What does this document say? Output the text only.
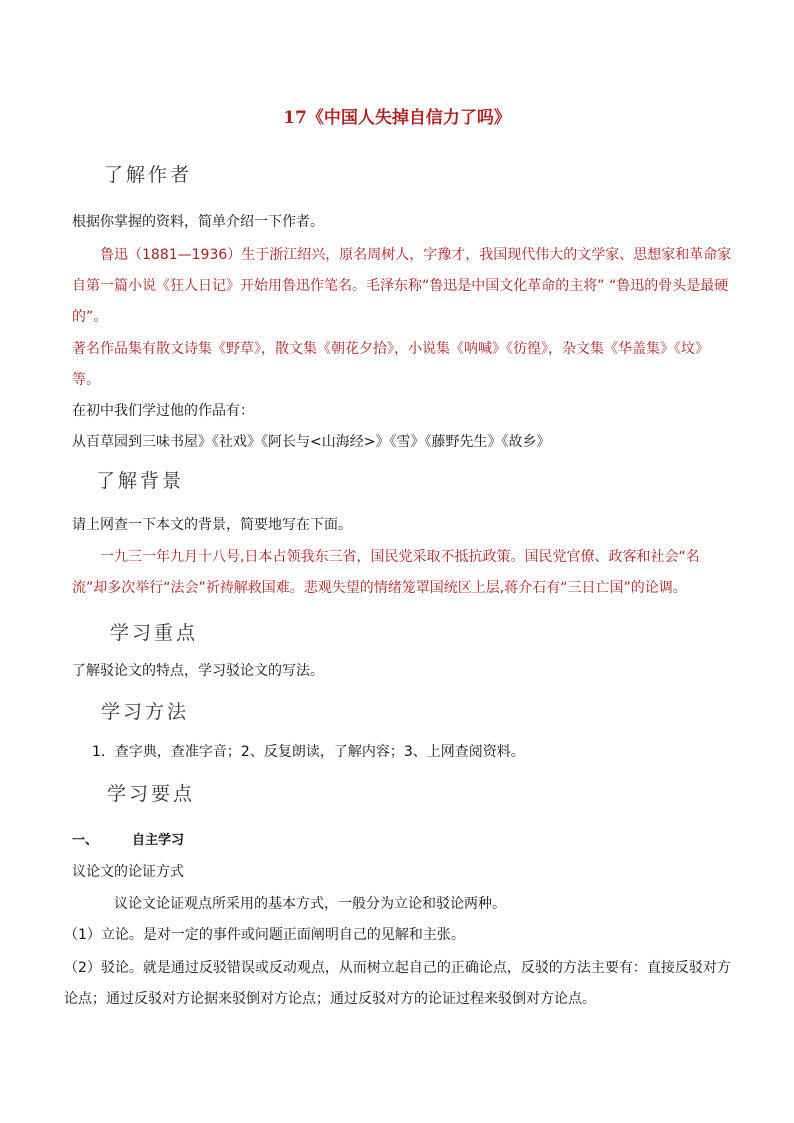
17《中国人失掉自信力了吗》
了解作者

根据你掌握的资料，简单介绍一下作者。

鲁迅（1881—1936）生于浙江绍兴，原名周树人，字豫才，我国现代伟大的文学家、思想家和革命家自第一篇小说《狂人日记》开始用鲁迅作笔名。毛泽东称“鲁迅是中国文化革命的主将” “鲁迅的骨头是最硬的”。

著名作品集有散文诗集《野草》，散文集《朝花夕拾》，小说集《呐喊》《彷徨》，杂文集《华盖集》《坟》等。

在初中我们学过他的作品有：

从百草园到三味书屋》《社戏》《阿长与<山海经>》《雪》《藤野先生》《故乡》

了解背景

请上网查一下本文的背景，简要地写在下面。

一九三一年九月十八号,日本占领我东三省，国民党采取不抵抗政策。国民党官僚、政客和社会“名流”却多次举行“法会”祈祷解救国难。悲观失望的情绪笼罩国统区上层,蒋介石有“三日亡国”的论调。

学习重点

了解驳论文的特点，学习驳论文的写法。

学习方法

1．查字典，查准字音；2、反复朗读，了解内容；3、上网查阅资料。

学习要点

一、	自主学习

议论文的论证方式

议论文论证观点所采用的基本方式，一般分为立论和驳论两种。

（1）立论。是对一定的事件或问题正面阐明自己的见解和主张。

（2）驳论。就是通过反驳错误或反动观点，从而树立起自己的正确论点，反驳的方法主要有：直接反驳对方论点；通过反驳对方论据来驳倒对方论点；通过反驳对方的论证过程来驳倒对方论点。
